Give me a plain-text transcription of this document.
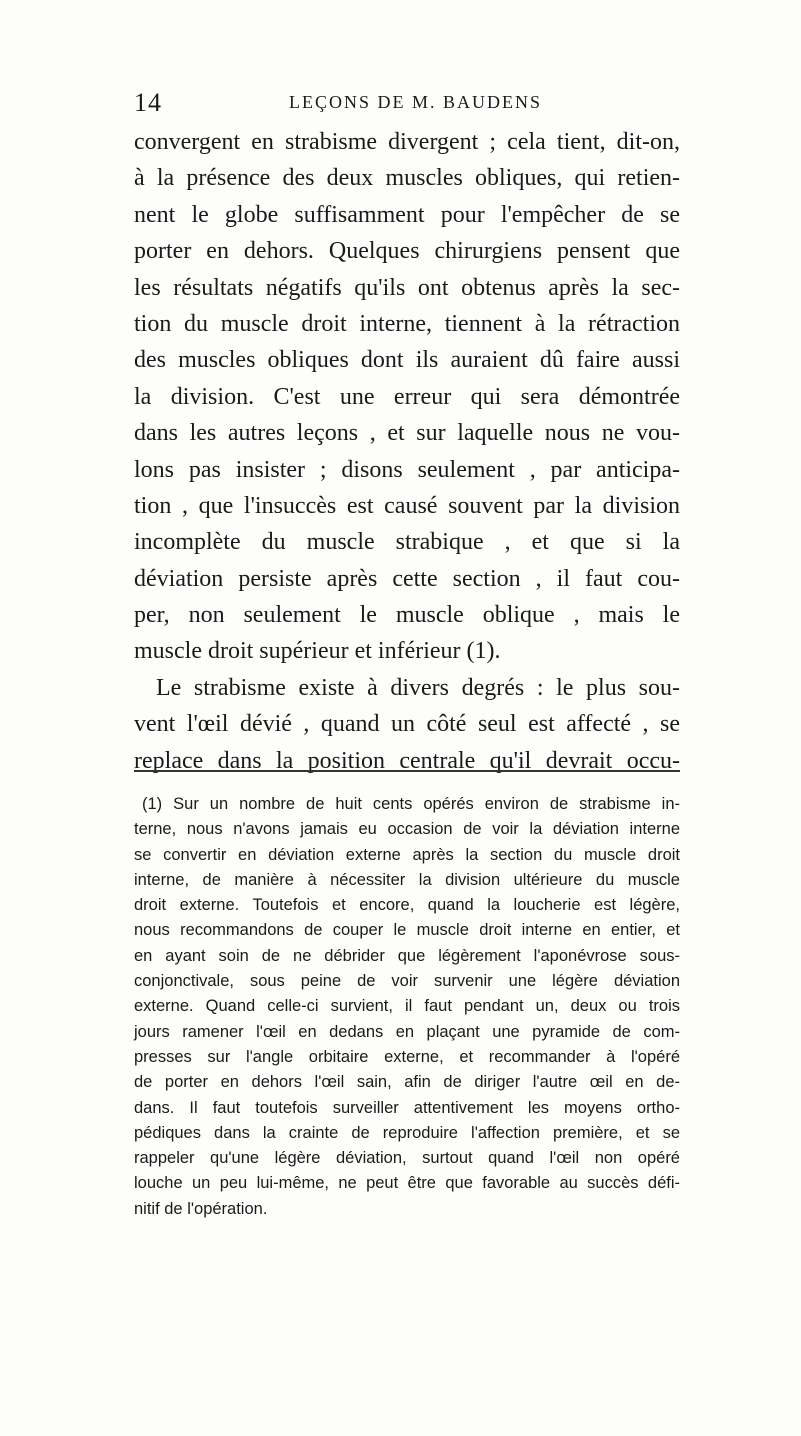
14	LEÇONS DE M. BAUDENS
convergent en strabisme divergent ; cela tient, dit-on,
à la présence des deux muscles obliques, qui retien-
nent le globe suffisamment pour l'empêcher de se
porter en dehors. Quelques chirurgiens pensent que
les résultats négatifs qu'ils ont obtenus après la sec-
tion du muscle droit interne, tiennent à la rétraction
des muscles obliques dont ils auraient dû faire aussi
la division. C'est une erreur qui sera démontrée
dans les autres leçons , et sur laquelle nous ne vou-
lons pas insister ; disons seulement , par anticipa-
tion , que l'insuccès est causé souvent par la division
incomplète du muscle strabique , et que si la
déviation persiste après cette section , il faut cou-
per, non seulement le muscle oblique , mais le
muscle droit supérieur et inférieur (1).
Le strabisme existe à divers degrés : le plus sou-
vent l'œil dévié , quand un côté seul est affecté , se
replace dans la position centrale qu'il devrait occu-
(1) Sur un nombre de huit cents opérés environ de strabisme in-
terne, nous n'avons jamais eu occasion de voir la déviation interne
se convertir en déviation externe après la section du muscle droit
interne, de manière à nécessiter la division ultérieure du muscle
droit externe. Toutefois et encore, quand la loucherie est légère,
nous recommandons de couper le muscle droit interne en entier, et
en ayant soin de ne débrider que légèrement l'aponévrose sous-
conjonctivale, sous peine de voir survenir une légère déviation
externe. Quand celle-ci survient, il faut pendant un, deux ou trois
jours ramener l'œil en dedans en plaçant une pyramide de com-
presses sur l'angle orbitaire externe, et recommander à l'opéré
de porter en dehors l'œil sain, afin de diriger l'autre œil en de-
dans. Il faut toutefois surveiller attentivement les moyens ortho-
pédiques dans la crainte de reproduire l'affection première, et se
rappeler qu'une légère déviation, surtout quand l'œil non opéré
louche un peu lui-même, ne peut être que favorable au succès défi-
nitif de l'opération.
